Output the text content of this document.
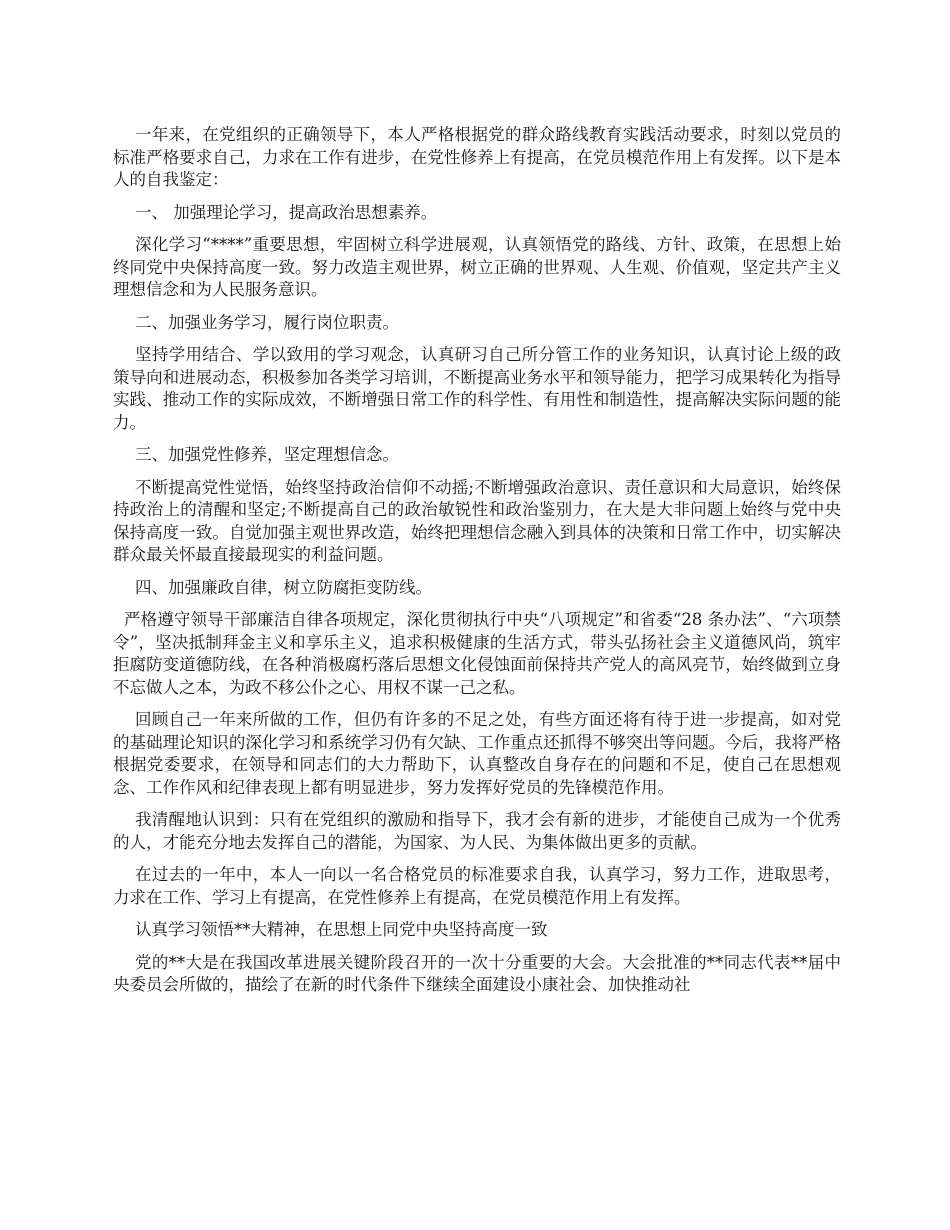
一年来，在党组织的正确领导下，本人严格根据党的群众路线教育实践活动要求，时刻以党员的标准严格要求自己，力求在工作有进步，在党性修养上有提高，在党员模范作用上有发挥。以下是本人的自我鉴定：

一、 加强理论学习，提高政治思想素养。

深化学习“****”重要思想，牢固树立科学进展观，认真领悟党的路线、方针、政策，在思想上始终同党中央保持高度一致。努力改造主观世界，树立正确的世界观、人生观、价值观，坚定共产主义理想信念和为人民服务意识。

二、加强业务学习，履行岗位职责。

坚持学用结合、学以致用的学习观念，认真研习自己所分管工作的业务知识，认真讨论上级的政策导向和进展动态，积极参加各类学习培训，不断提高业务水平和领导能力，把学习成果转化为指导实践、推动工作的实际成效，不断增强日常工作的科学性、有用性和制造性，提高解决实际问题的能力。

三、加强党性修养，坚定理想信念。

不断提高党性觉悟，始终坚持政治信仰不动摇;不断增强政治意识、责任意识和大局意识，始终保持政治上的清醒和坚定;不断提高自己的政治敏锐性和政治鉴别力，在大是大非问题上始终与党中央保持高度一致。自觉加强主观世界改造，始终把理想信念融入到具体的决策和日常工作中，切实解决群众最关怀最直接最现实的利益问题。

四、加强廉政自律，树立防腐拒变防线。

严格遵守领导干部廉洁自律各项规定，深化贯彻执行中央“八项规定”和省委“28 条办法”、“六项禁令”，坚决抵制拜金主义和享乐主义，追求积极健康的生活方式，带头弘扬社会主义道德风尚，筑牢拒腐防变道德防线，在各种消极腐朽落后思想文化侵蚀面前保持共产党人的高风亮节，始终做到立身不忘做人之本，为政不移公仆之心、用权不谋一己之私。

回顾自己一年来所做的工作，但仍有许多的不足之处，有些方面还将有待于进一步提高，如对党的基础理论知识的深化学习和系统学习仍有欠缺、工作重点还抓得不够突出等问题。今后，我将严格根据党委要求，在领导和同志们的大力帮助下，认真整改自身存在的问题和不足，使自己在思想观念、工作作风和纪律表现上都有明显进步，努力发挥好党员的先锋模范作用。

我清醒地认识到：只有在党组织的激励和指导下，我才会有新的进步，才能使自己成为一个优秀的人，才能充分地去发挥自己的潜能，为国家、为人民、为集体做出更多的贡献。

在过去的一年中，本人一向以一名合格党员的标准要求自我，认真学习，努力工作，进取思考，力求在工作、学习上有提高，在党性修养上有提高，在党员模范作用上有发挥。

认真学习领悟**大精神，在思想上同党中央坚持高度一致

党的**大是在我国改革进展关键阶段召开的一次十分重要的大会。大会批准的**同志代表**届中央委员会所做的，描绘了在新的时代条件下继续全面建设小康社会、加快推动社
